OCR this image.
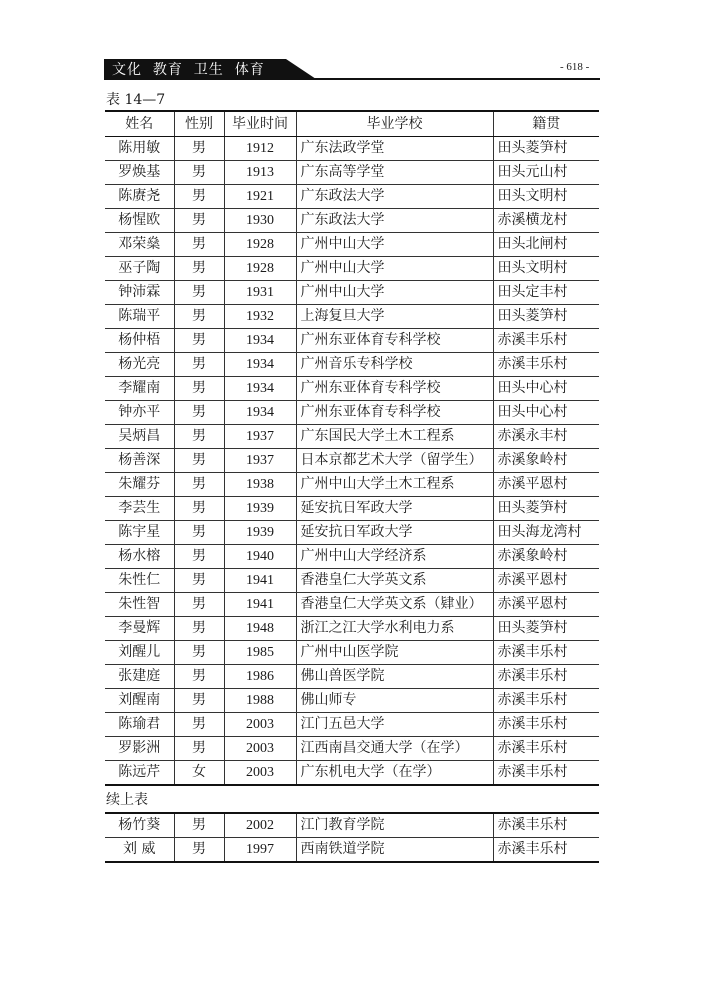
文化  教育  卫生  体育	- 618 -
表 14—7
姓名	性别	毕业时间	毕业学校	籍贯
陈用敏	男	1912	广东法政学堂	田头菱笋村
罗焕基	男	1913	广东高等学堂	田头元山村
陈赓尧	男	1921	广东政法大学	田头文明村
杨惺欧	男	1930	广东政法大学	赤溪横龙村
邓荣燊	男	1928	广州中山大学	田头北闸村
巫子陶	男	1928	广州中山大学	田头文明村
钟沛霖	男	1931	广州中山大学	田头定丰村
陈瑞平	男	1932	上海复旦大学	田头菱笋村
杨仲梧	男	1934	广州东亚体育专科学校	赤溪丰乐村
杨光亮	男	1934	广州音乐专科学校	赤溪丰乐村
李耀南	男	1934	广州东亚体育专科学校	田头中心村
钟亦平	男	1934	广州东亚体育专科学校	田头中心村
吴炳昌	男	1937	广东国民大学土木工程系	赤溪永丰村
杨善深	男	1937	日本京都艺术大学（留学生）	赤溪象岭村
朱耀芬	男	1938	广州中山大学土木工程系	赤溪平恩村
李芸生	男	1939	延安抗日军政大学	田头菱笋村
陈宇星	男	1939	延安抗日军政大学	田头海龙湾村
杨水榕	男	1940	广州中山大学经济系	赤溪象岭村
朱性仁	男	1941	香港皇仁大学英文系	赤溪平恩村
朱性智	男	1941	香港皇仁大学英文系（肄业）	赤溪平恩村
李曼辉	男	1948	浙江之江大学水利电力系	田头菱笋村
刘醒儿	男	1985	广州中山医学院	赤溪丰乐村
张建庭	男	1986	佛山兽医学院	赤溪丰乐村
刘醒南	男	1988	佛山师专	赤溪丰乐村
陈瑜君	男	2003	江门五邑大学	赤溪丰乐村
罗影洲	男	2003	江西南昌交通大学（在学）	赤溪丰乐村
陈远芹	女	2003	广东机电大学（在学）	赤溪丰乐村
续上表
杨竹葵	男	2002	江门教育学院	赤溪丰乐村
刘 威	男	1997	西南铁道学院	赤溪丰乐村
